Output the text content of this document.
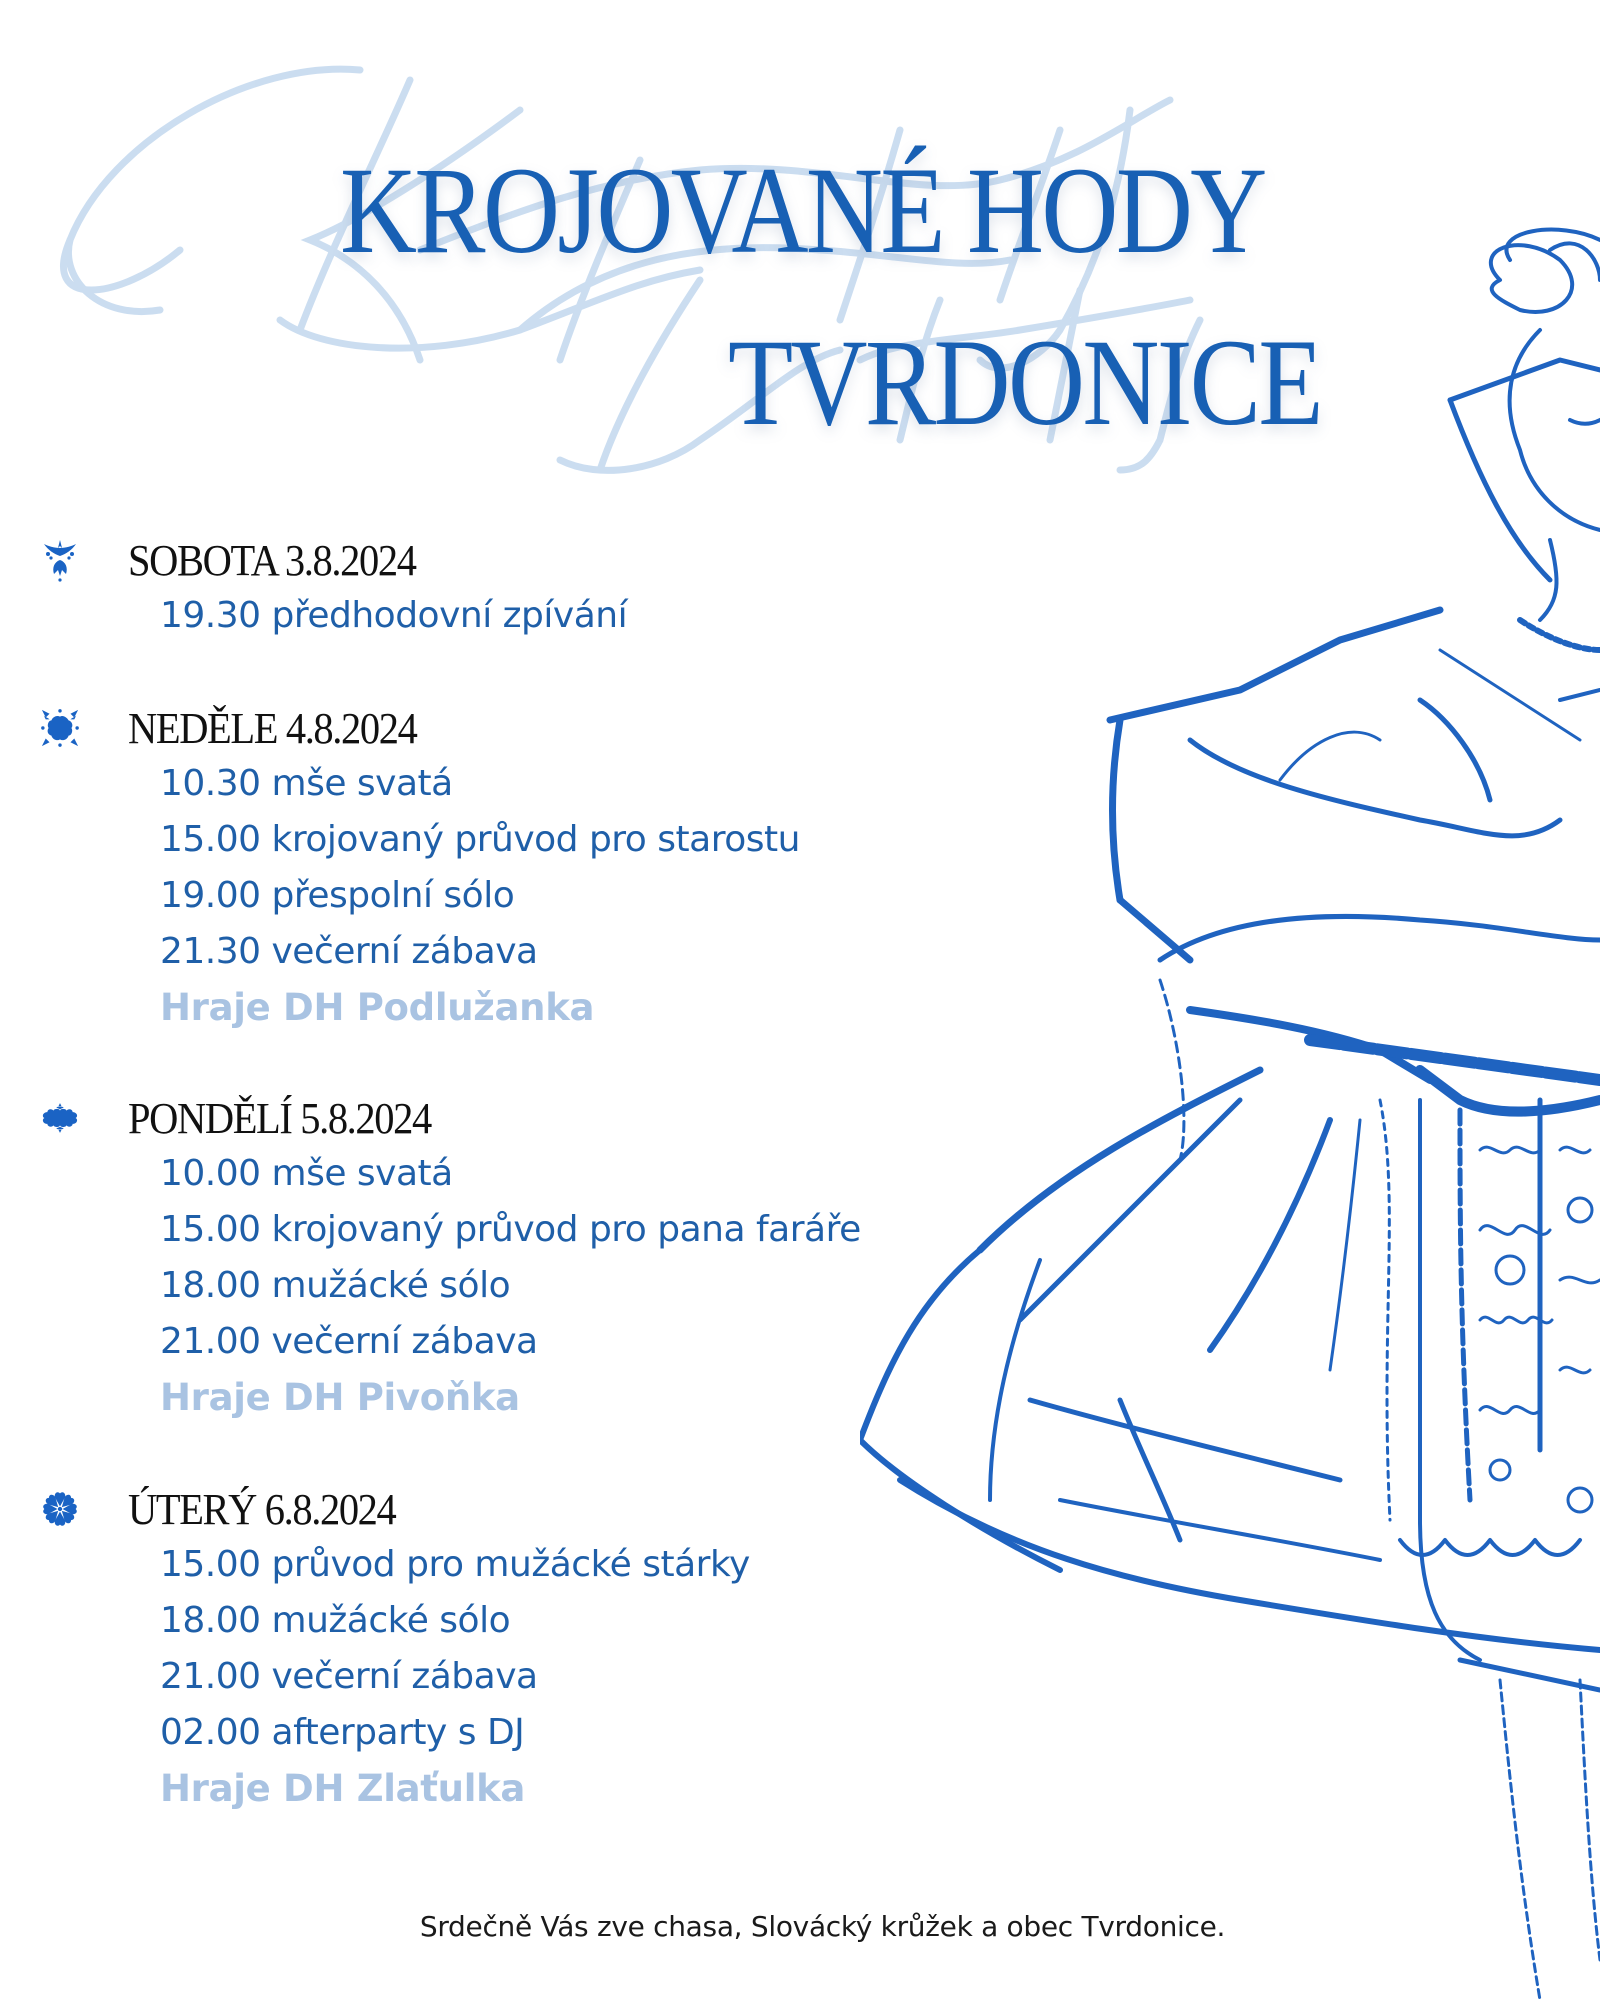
KROJOVANÉ HODY
TVRDONICE
SOBOTA 3.8.2024
19.30 předhodovní zpívání
NEDĚLE 4.8.2024
10.30 mše svatá
15.00 krojovaný průvod pro starostu
19.00 přespolní sólo
21.30 večerní zábava
Hraje DH Podlužanka
PONDĚLÍ 5.8.2024
10.00 mše svatá
15.00 krojovaný průvod pro pana faráře
18.00 mužácké sólo
21.00 večerní zábava
Hraje DH Pivoňka
ÚTERÝ 6.8.2024
15.00 průvod pro mužácké stárky
18.00 mužácké sólo
21.00 večerní zábava
02.00 afterparty s DJ
Hraje DH Zlaťulka
Srdečně Vás zve chasa, Slovácký krůžek a obec Tvrdonice.
